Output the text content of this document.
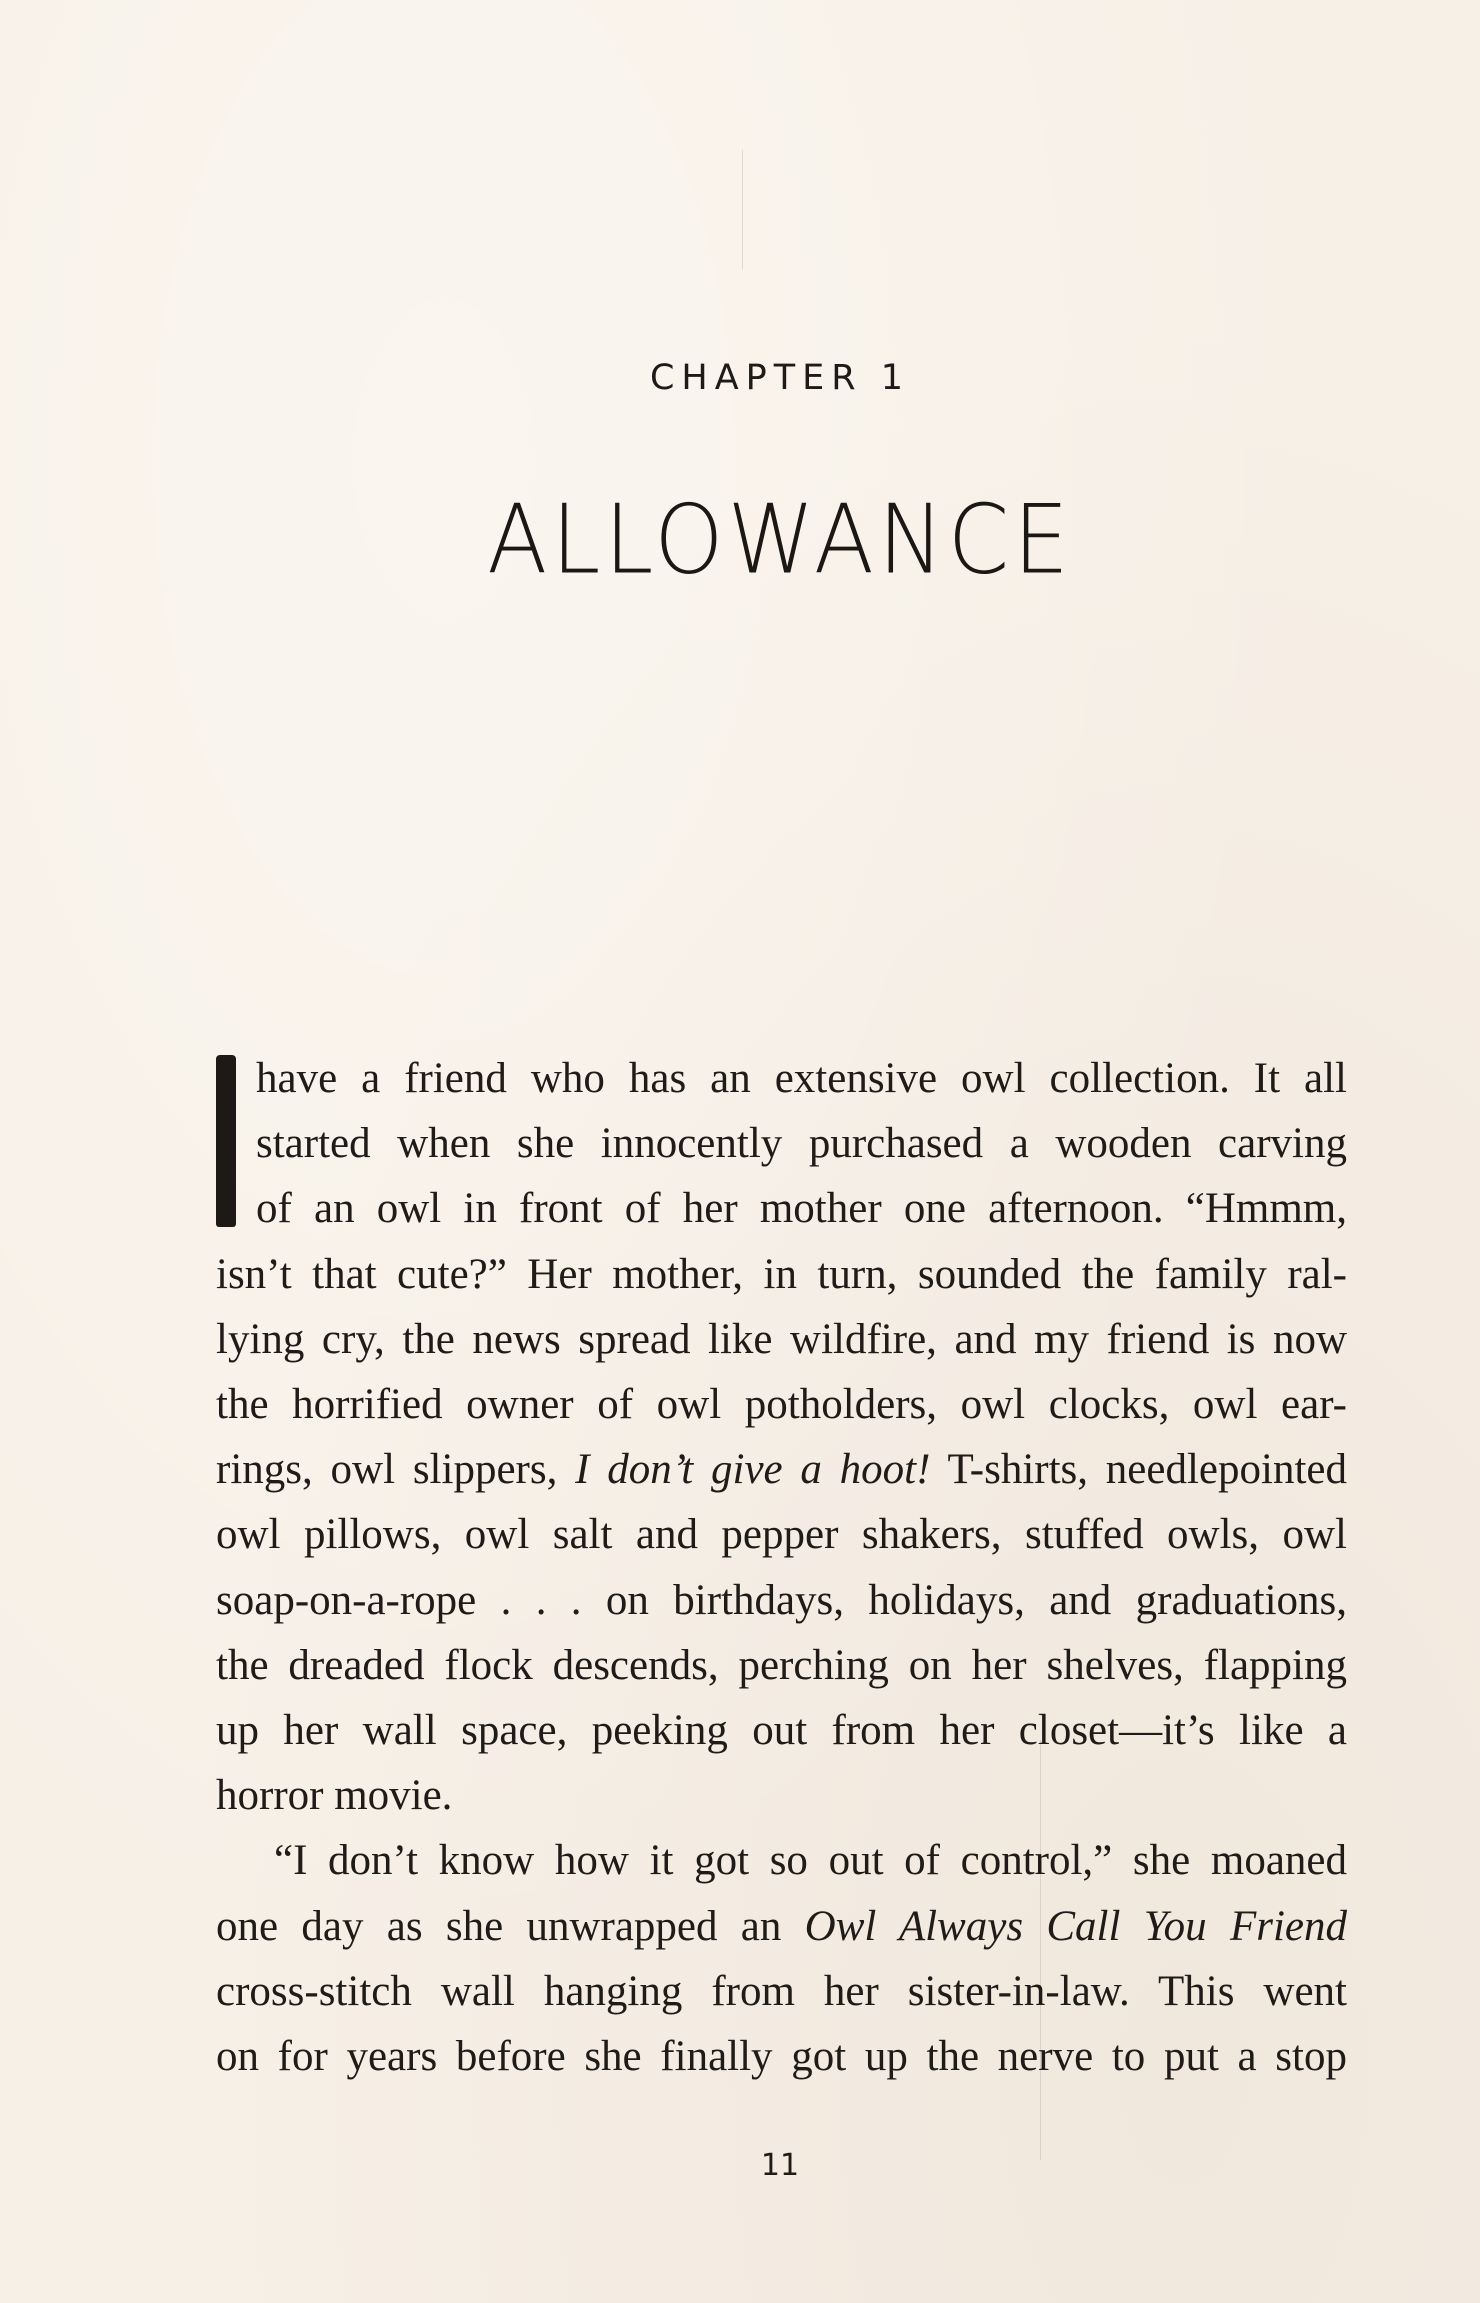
CHAPTER 1
ALLOWANCE

have a friend who has an extensive owl collection. It all
started when she innocently purchased a wooden carving
of an owl in front of her mother one afternoon. “Hmmm,
isn’t that cute?” Her mother, in turn, sounded the family ral-
lying cry, the news spread like wildfire, and my friend is now
the horrified owner of owl potholders, owl clocks, owl ear-
rings, owl slippers, I don’t give a hoot! T-shirts, needlepointed
owl pillows, owl salt and pepper shakers, stuffed owls, owl
soap-on-a-rope . . . on birthdays, holidays, and graduations,
the dreaded flock descends, perching on her shelves, flapping
up her wall space, peeking out from her closet—it’s like a
horror movie.

“I don’t know how it got so out of control,” she moaned
one day as she unwrapped an Owl Always Call You Friend
cross-stitch wall hanging from her sister-in-law. This went
on for years before she finally got up the nerve to put a stop

11
